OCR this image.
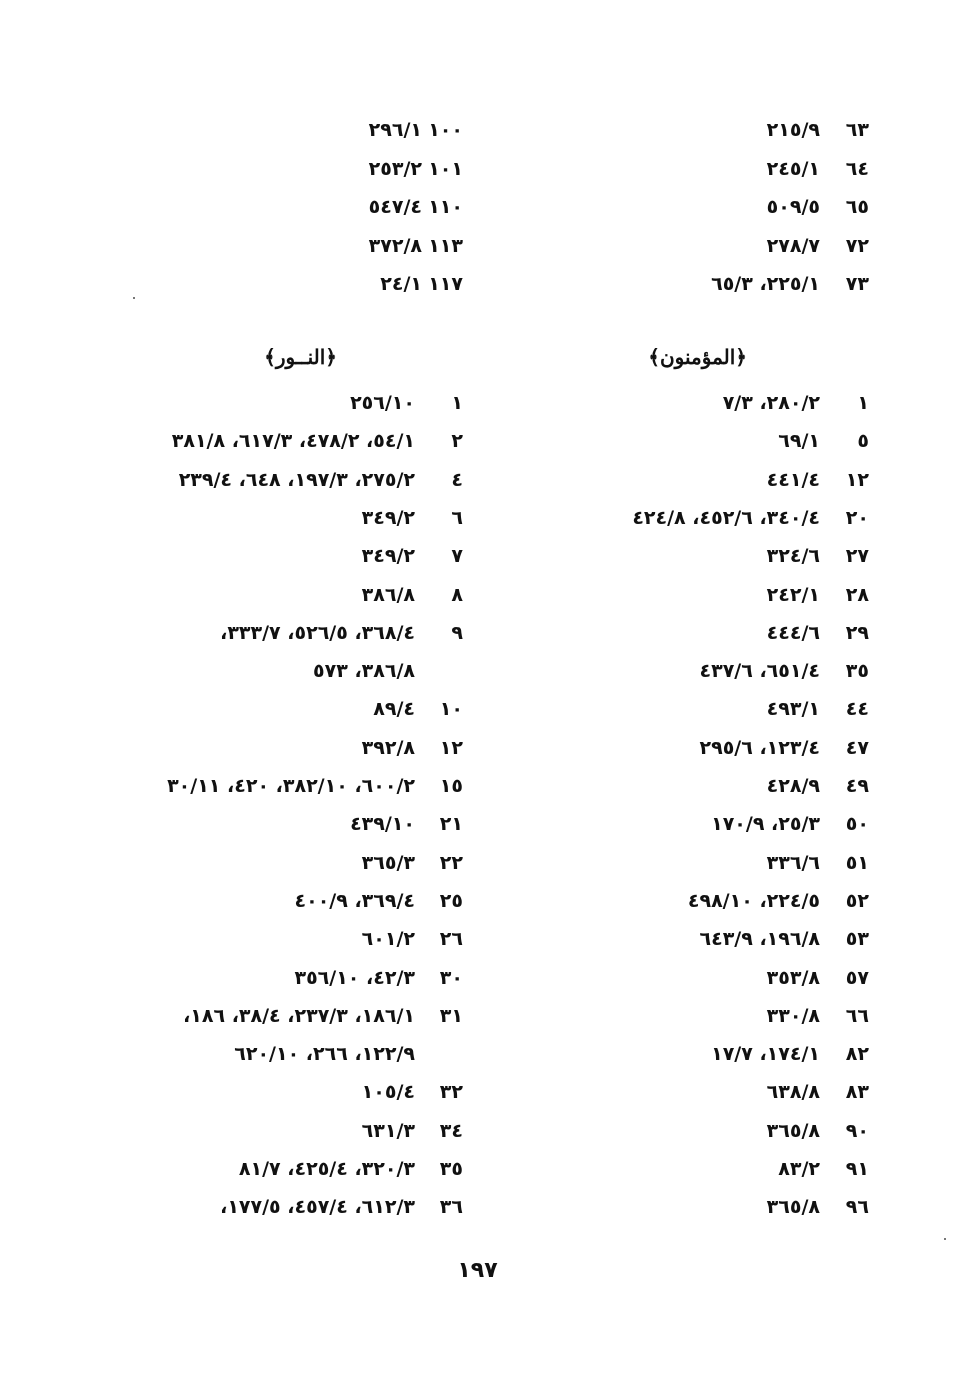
٦٣
٢١٥/٩
٦٤
٢٤٥/١
٦٥
٥٠٩/٥
٧٢
٢٧٨/٧
٧٣
٢٢٥/١، ٦٥/٣
١٠٠
٢٩٦/١
١٠١
٢٥٣/٢
١١٠
٥٤٧/٤
١١٣
٣٧٢/٨
١١٧
٢٤/١
﴿المؤمنون﴾
﴿النــور﴾
١
٢٨٠/٢، ٧/٣
٥
٦٩/١
١٢
٤٤١/٤
٢٠
٣٤٠/٤، ٤٥٢/٦، ٤٢٤/٨
٢٧
٣٢٤/٦
٢٨
٢٤٢/١
٢٩
٤٤٤/٦
٣٥
٦٥١/٤، ٤٣٧/٦
٤٤
٤٩٣/١
٤٧
١٢٣/٤، ٢٩٥/٦
٤٩
٤٢٨/٩
٥٠
٢٥/٣، ١٧٠/٩
٥١
٣٣٦/٦
٥٢
٢٢٤/٥، ٤٩٨/١٠
٥٣
١٩٦/٨، ٦٤٣/٩
٥٧
٣٥٣/٨
٦٦
٣٣٠/٨
٨٢
١٧٤/١، ١٧/٧
٨٣
٦٣٨/٨
٩٠
٣٦٥/٨
٩١
٨٣/٢
٩٦
٣٦٥/٨
١
٢٥٦/١٠
٢
٥٤/١، ٤٧٨/٢، ٦١٧/٣، ٣٨١/٨
٤
٢٧٥/٢، ١٩٧/٣، ٦٤٨، ٢٣٩/٤
٦
٣٤٩/٢
٧
٣٤٩/٢
٨
٣٨٦/٨
٩
٣٦٨/٤، ٥٢٦/٥، ٣٣٣/٧،
٣٨٦/٨، ٥٧٣
١٠
٨٩/٤
١٢
٣٩٢/٨
١٥
٦٠٠/٢، ٣٨٢/١٠، ٤٢٠، ٣٠/١١
٢١
٤٣٩/١٠
٢٢
٣٦٥/٣
٢٥
٣٦٩/٤، ٤٠٠/٩
٢٦
٦٠١/٢
٣٠
٤٢/٣، ٣٥٦/١٠
٣١
١٨٦/١، ٢٣٧/٣، ٣٨/٤، ١٨٦،
١٢٢/٩، ٢٦٦، ٦٢٠/١٠
٣٢
١٠٥/٤
٣٤
٦٣١/٣
٣٥
٣٢٠/٣، ٤٢٥/٤، ٨١/٧
٣٦
٦١٢/٣، ٤٥٧/٤، ١٧٧/٥،
١٩٧
